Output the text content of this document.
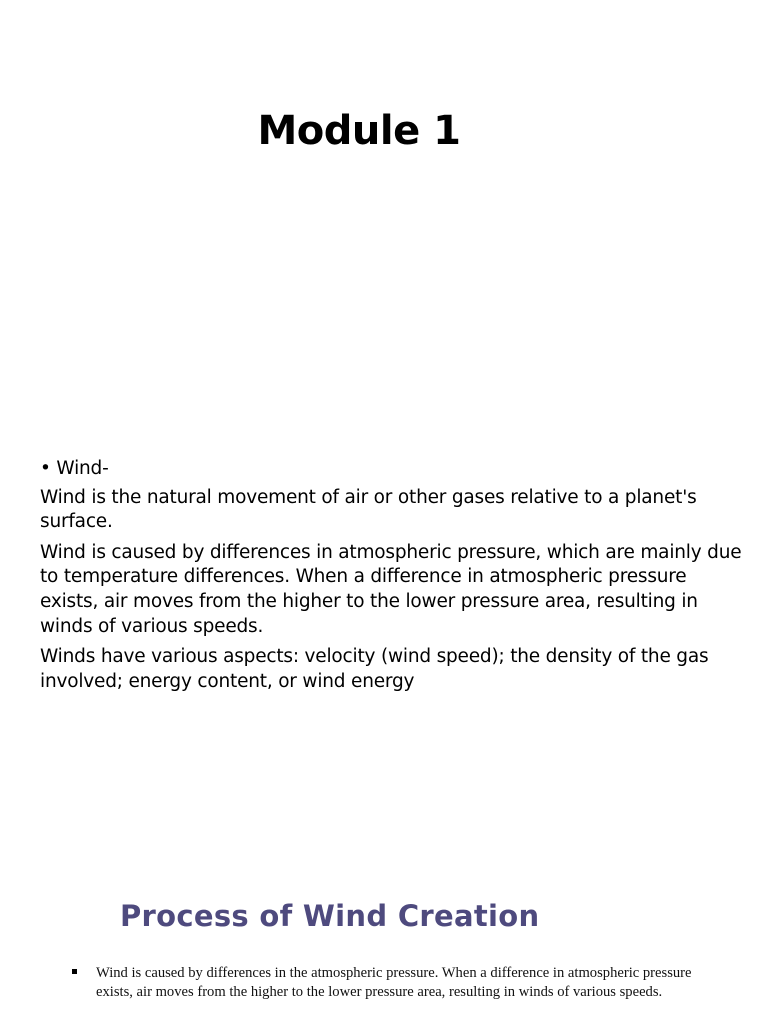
Module 1
• Wind-

Wind is the natural movement of air or other gases relative to a planet's surface.

Wind is caused by differences in atmospheric pressure, which are mainly due to temperature differences. When a difference in atmospheric pressure exists, air moves from the higher to the lower pressure area, resulting in winds of various speeds.

Winds have various aspects: velocity (wind speed); the density of the gas involved; energy content, or wind energy

Process of Wind Creation
Wind is caused by differences in the atmospheric pressure. When a difference in atmospheric pressure exists, air moves from the higher to the lower pressure area, resulting in winds of various speeds.
